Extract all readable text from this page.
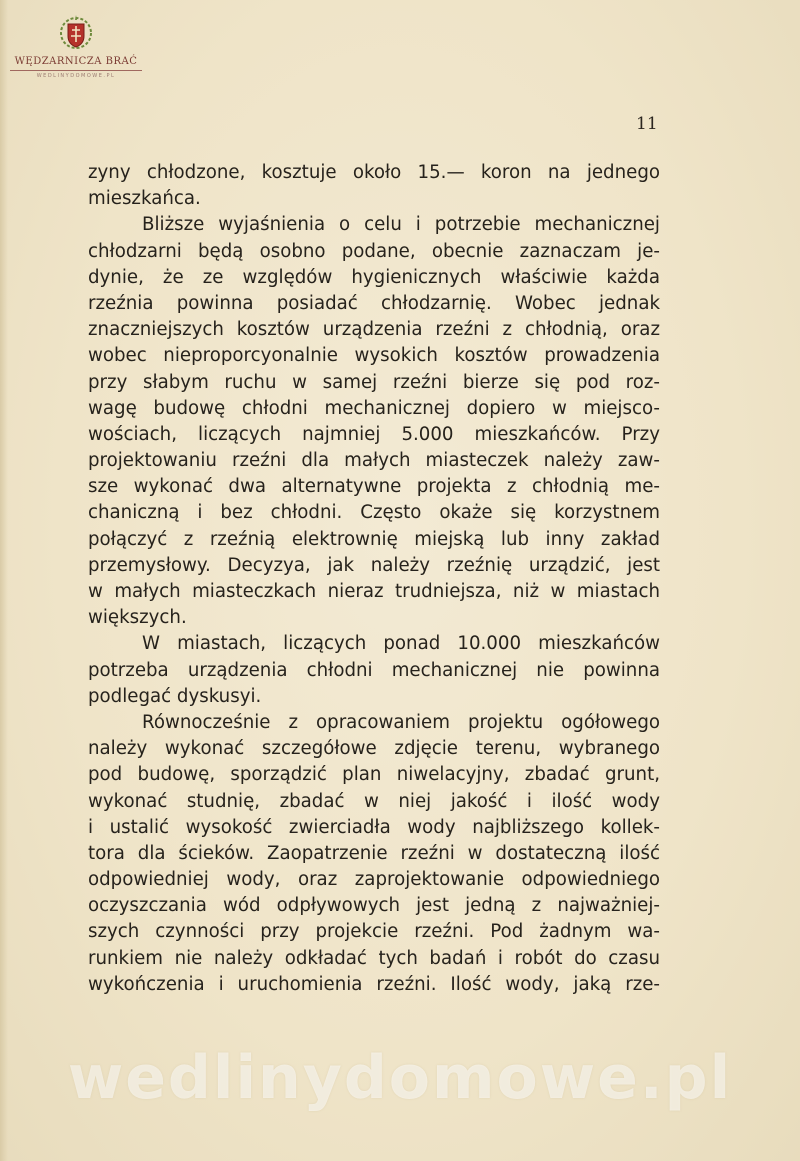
WĘDZARNICZA BRAĆ
WEDLINYDOMOWE.PL
11
zyny chłodzone, kosztuje około 15.— koron na jednego
mieszkańca.
Bliższe wyjaśnienia o celu i potrzebie mechanicznej
chłodzarni będą osobno podane, obecnie zaznaczam je-
dynie, że ze względów hygienicznych właściwie każda
rzeźnia powinna posiadać chłodzarnię. Wobec jednak
znaczniejszych kosztów urządzenia rzeźni z chłodnią, oraz
wobec nieproporcyonalnie wysokich kosztów prowadzenia
przy słabym ruchu w samej rzeźni bierze się pod roz-
wagę budowę chłodni mechanicznej dopiero w miejsco-
wościach, liczących najmniej 5.000 mieszkańców. Przy
projektowaniu rzeźni dla małych miasteczek należy zaw-
sze wykonać dwa alternatywne projekta z chłodnią me-
chaniczną i bez chłodni. Często okaże się korzystnem
połączyć z rzeźnią elektrownię miejską lub inny zakład
przemysłowy. Decyzya, jak należy rzeźnię urządzić, jest
w małych miasteczkach nieraz trudniejsza, niż w miastach
większych.
W miastach, liczących ponad 10.000 mieszkańców
potrzeba urządzenia chłodni mechanicznej nie powinna
podlegać dyskusyi.
Równocześnie z opracowaniem projektu ogółowego
należy wykonać szczegółowe zdjęcie terenu, wybranego
pod budowę, sporządzić plan niwelacyjny, zbadać grunt,
wykonać studnię, zbadać w niej jakość i ilość wody
i ustalić wysokość zwierciadła wody najbliższego kollek-
tora dla ścieków. Zaopatrzenie rzeźni w dostateczną ilość
odpowiedniej wody, oraz zaprojektowanie odpowiedniego
oczyszczania wód odpływowych jest jedną z najważniej-
szych czynności przy projekcie rzeźni. Pod żadnym wa-
runkiem nie należy odkładać tych badań i robót do czasu
wykończenia i uruchomienia rzeźni. Ilość wody, jaką rze-
wedlinydomowe.pl
